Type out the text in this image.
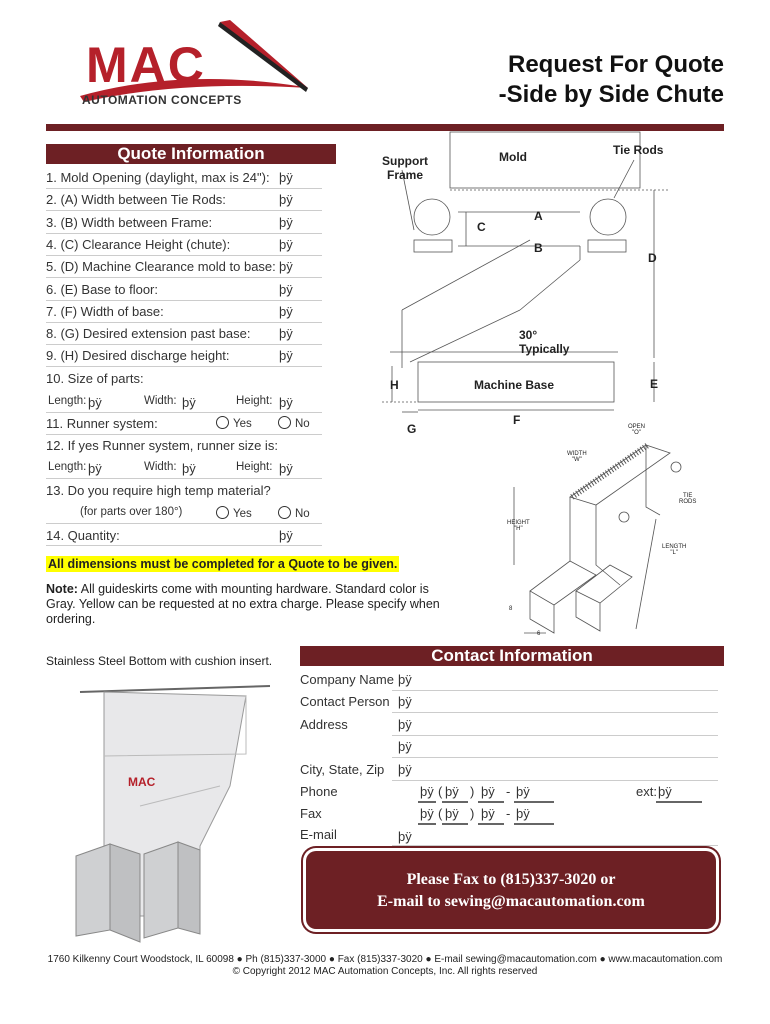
MAC
AUTOMATION CONCEPTS
Request For Quote
-Side by Side Chute
Quote Information
1. Mold Opening (daylight, max is 24"): þÿ
2. (A) Width between Tie Rods:	þÿ
3. (B) Width between Frame:	þÿ
4. (C) Clearance Height (chute):	þÿ
5. (D) Machine Clearance mold to base: þÿ
6. (E) Base to floor:	þÿ
7. (F) Width of base:	þÿ
8. (G) Desired extension past base: þÿ
9. (H) Desired discharge height:	þÿ
10. Size of parts:
Length: þÿ	Width: þÿ	Height: þÿ
11. Runner system:	Yes	No
12. If yes Runner system, runner size is:
Length: þÿ	Width: þÿ	Height: þÿ
13. Do you require high temp material?
(for parts over 180°)	Yes	No
14. Quantity:	þÿ
All dimensions must be completed for a Quote to be given.
Note: All guideskirts come with mounting hardware. Standard color is Gray. Yellow can be requested at no extra charge. Please specify when ordering.
Support
Frame
Mold	Tie Rods
A
C
B
D
30°
Typically
H	Machine Base	E
F
G	OPEN
"O"
WIDTH
"W"
TIE
RODS
HEIGHT
"H"
LENGTH
"L"
8
6
Stainless Steel Bottom with cushion insert.
MAC
Contact Information
Company Name þÿ
Contact Person þÿ
Address	þÿ
þÿ
City, State, Zip þÿ
Phone	þÿ ( þÿ ) þÿ - þÿ	ext: þÿ
Fax	þÿ ( þÿ ) þÿ - þÿ
E-mail	þÿ
Please Fax to (815)337-3020 or
E-mail to sewing@macautomation.com
1760 Kilkenny Court Woodstock, IL 60098 ● Ph (815)337-3000 ● Fax (815)337-3020 ● E-mail sewing@macautomation.com ● www.macautomation.com
© Copyright 2012 MAC Automation Concepts, Inc. All rights reserved
